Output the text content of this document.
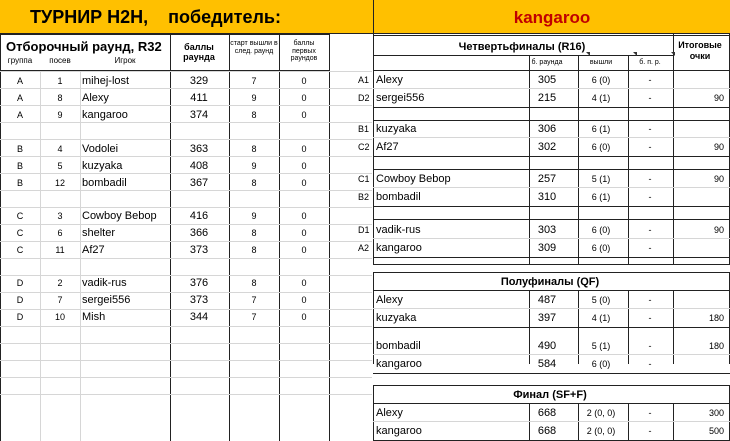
ТУРНИР H2H,    победитель:	kangaroo
Отборочный раунд, R32
группа посев	Игрок
баллы раунда
старт вышли в след. раунд
баллы первых раундов
Четвертьфиналы (R16)	Итоговые очки
б. раунда	вышли	б. п. р.
Полуфиналы (QF)
Финал (SF+F)
A	1 mihej-lost	329	7	0
A	8 Alexy	411	9	0
A	9 kangaroo	374	8	0
B	4 Vodolei	363	8	0
B	5 kuzyaka	408	9	0
B	12 bombadil	367	8	0
C	3 Cowboy Bebop	416	9	0
C	6 shelter	366	8	0
C	11 Af27	373	8	0
D	2 vadik-rus	376	8	0
D	7 sergei556	373	7	0
D	10 Mish	344	7	0
A1 Alexy	305	6 (0)	-
D2 sergei556	215	4 (1)	-	90
B1 kuzyaka	306	6 (1)	-
C2 Af27	302	6 (0)	-	90
C1 Cowboy Bebop	257	5 (1)	-	90
B2 bombadil	310	6 (1)	-
D1 vadik-rus	303	6 (0)	-	90
A2 kangaroo	309	6 (0)	-
Alexy	487	5 (0)	-
kuzyaka	397	4 (1)	-	180
bombadil	490	5 (1)	-	180
kangaroo	584	6 (0)	-
Alexy	668	2 (0, 0)	-	300
kangaroo	668	2 (0, 0)	-	500
